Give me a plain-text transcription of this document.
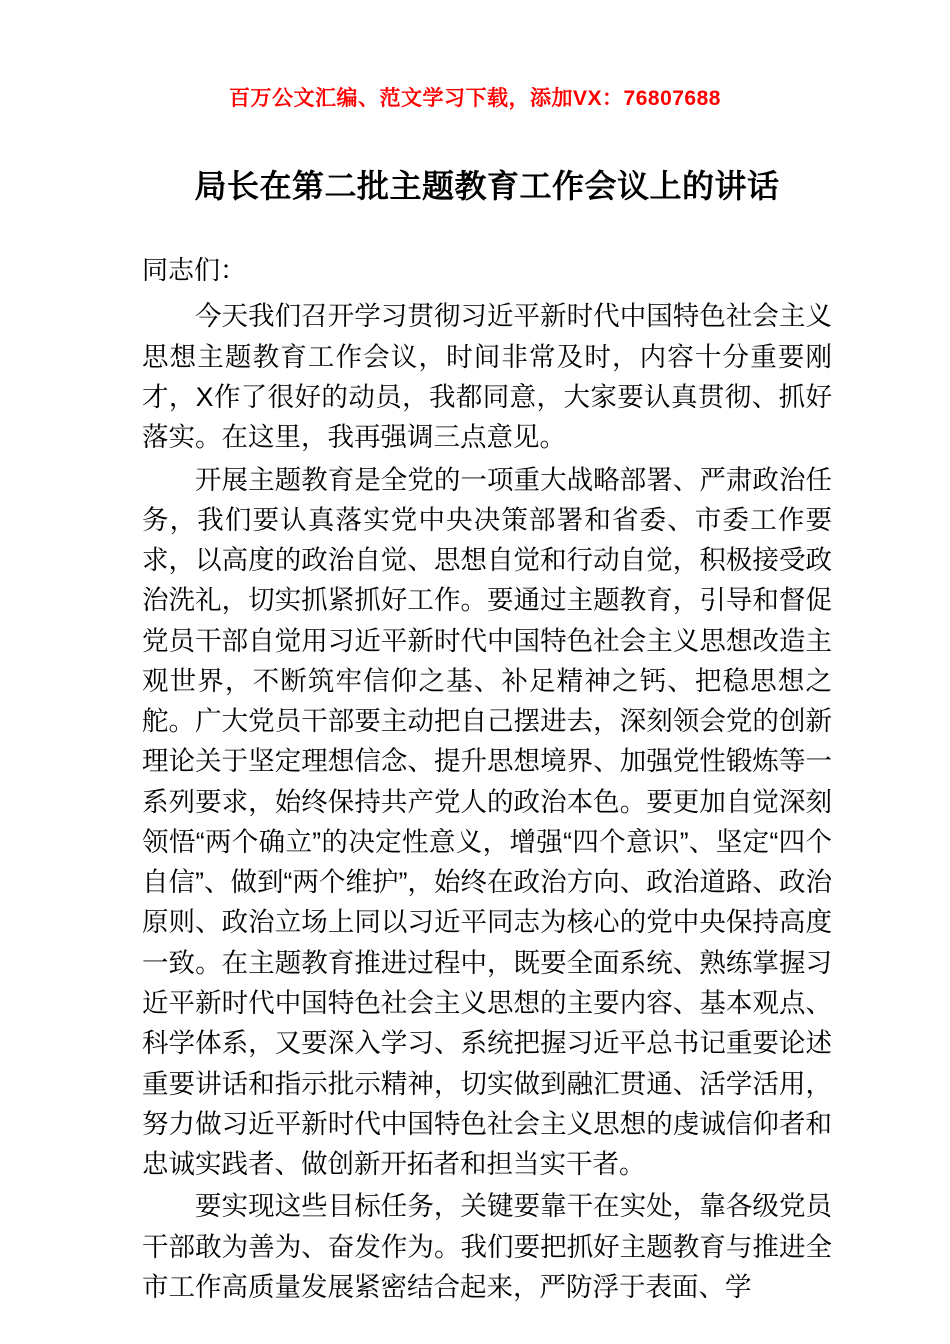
百万公文汇编、范文学习下载，添加VX：76807688
局长在第二批主题教育工作会议上的讲话

同志们：

今天我们召开学习贯彻习近平新时代中国特色社会主义思想主题教育工作会议，时间非常及时，内容十分重要刚才，X作了很好的动员，我都同意，大家要认真贯彻、抓好落实。在这里，我再强调三点意见。

开展主题教育是全党的一项重大战略部署、严肃政治任务，我们要认真落实党中央决策部署和省委、市委工作要求，以高度的政治自觉、思想自觉和行动自觉，积极接受政治洗礼，切实抓紧抓好工作。要通过主题教育，引导和督促党员干部自觉用习近平新时代中国特色社会主义思想改造主观世界，不断筑牢信仰之基、补足精神之钙、把稳思想之舵。广大党员干部要主动把自己摆进去，深刻领会党的创新理论关于坚定理想信念、提升思想境界、加强党性锻炼等一系列要求，始终保持共产党人的政治本色。要更加自觉深刻领悟“两个确立”的决定性意义，增强“四个意识”、坚定“四个自信”、做到“两个维护”，始终在政治方向、政治道路、政治原则、政治立场上同以习近平同志为核心的党中央保持高度一致。在主题教育推进过程中，既要全面系统、熟练掌握习近平新时代中国特色社会主义思想的主要内容、基本观点、科学体系，又要深入学习、系统把握习近平总书记重要论述重要讲话和指示批示精神，切实做到融汇贯通、活学活用，努力做习近平新时代中国特色社会主义思想的虔诚信仰者和忠诚实践者、做创新开拓者和担当实干者。

要实现这些目标任务，关键要靠干在实处，靠各级党员干部敢为善为、奋发作为。我们要把抓好主题教育与推进全市工作高质量发展紧密结合起来，严防浮于表面、学
